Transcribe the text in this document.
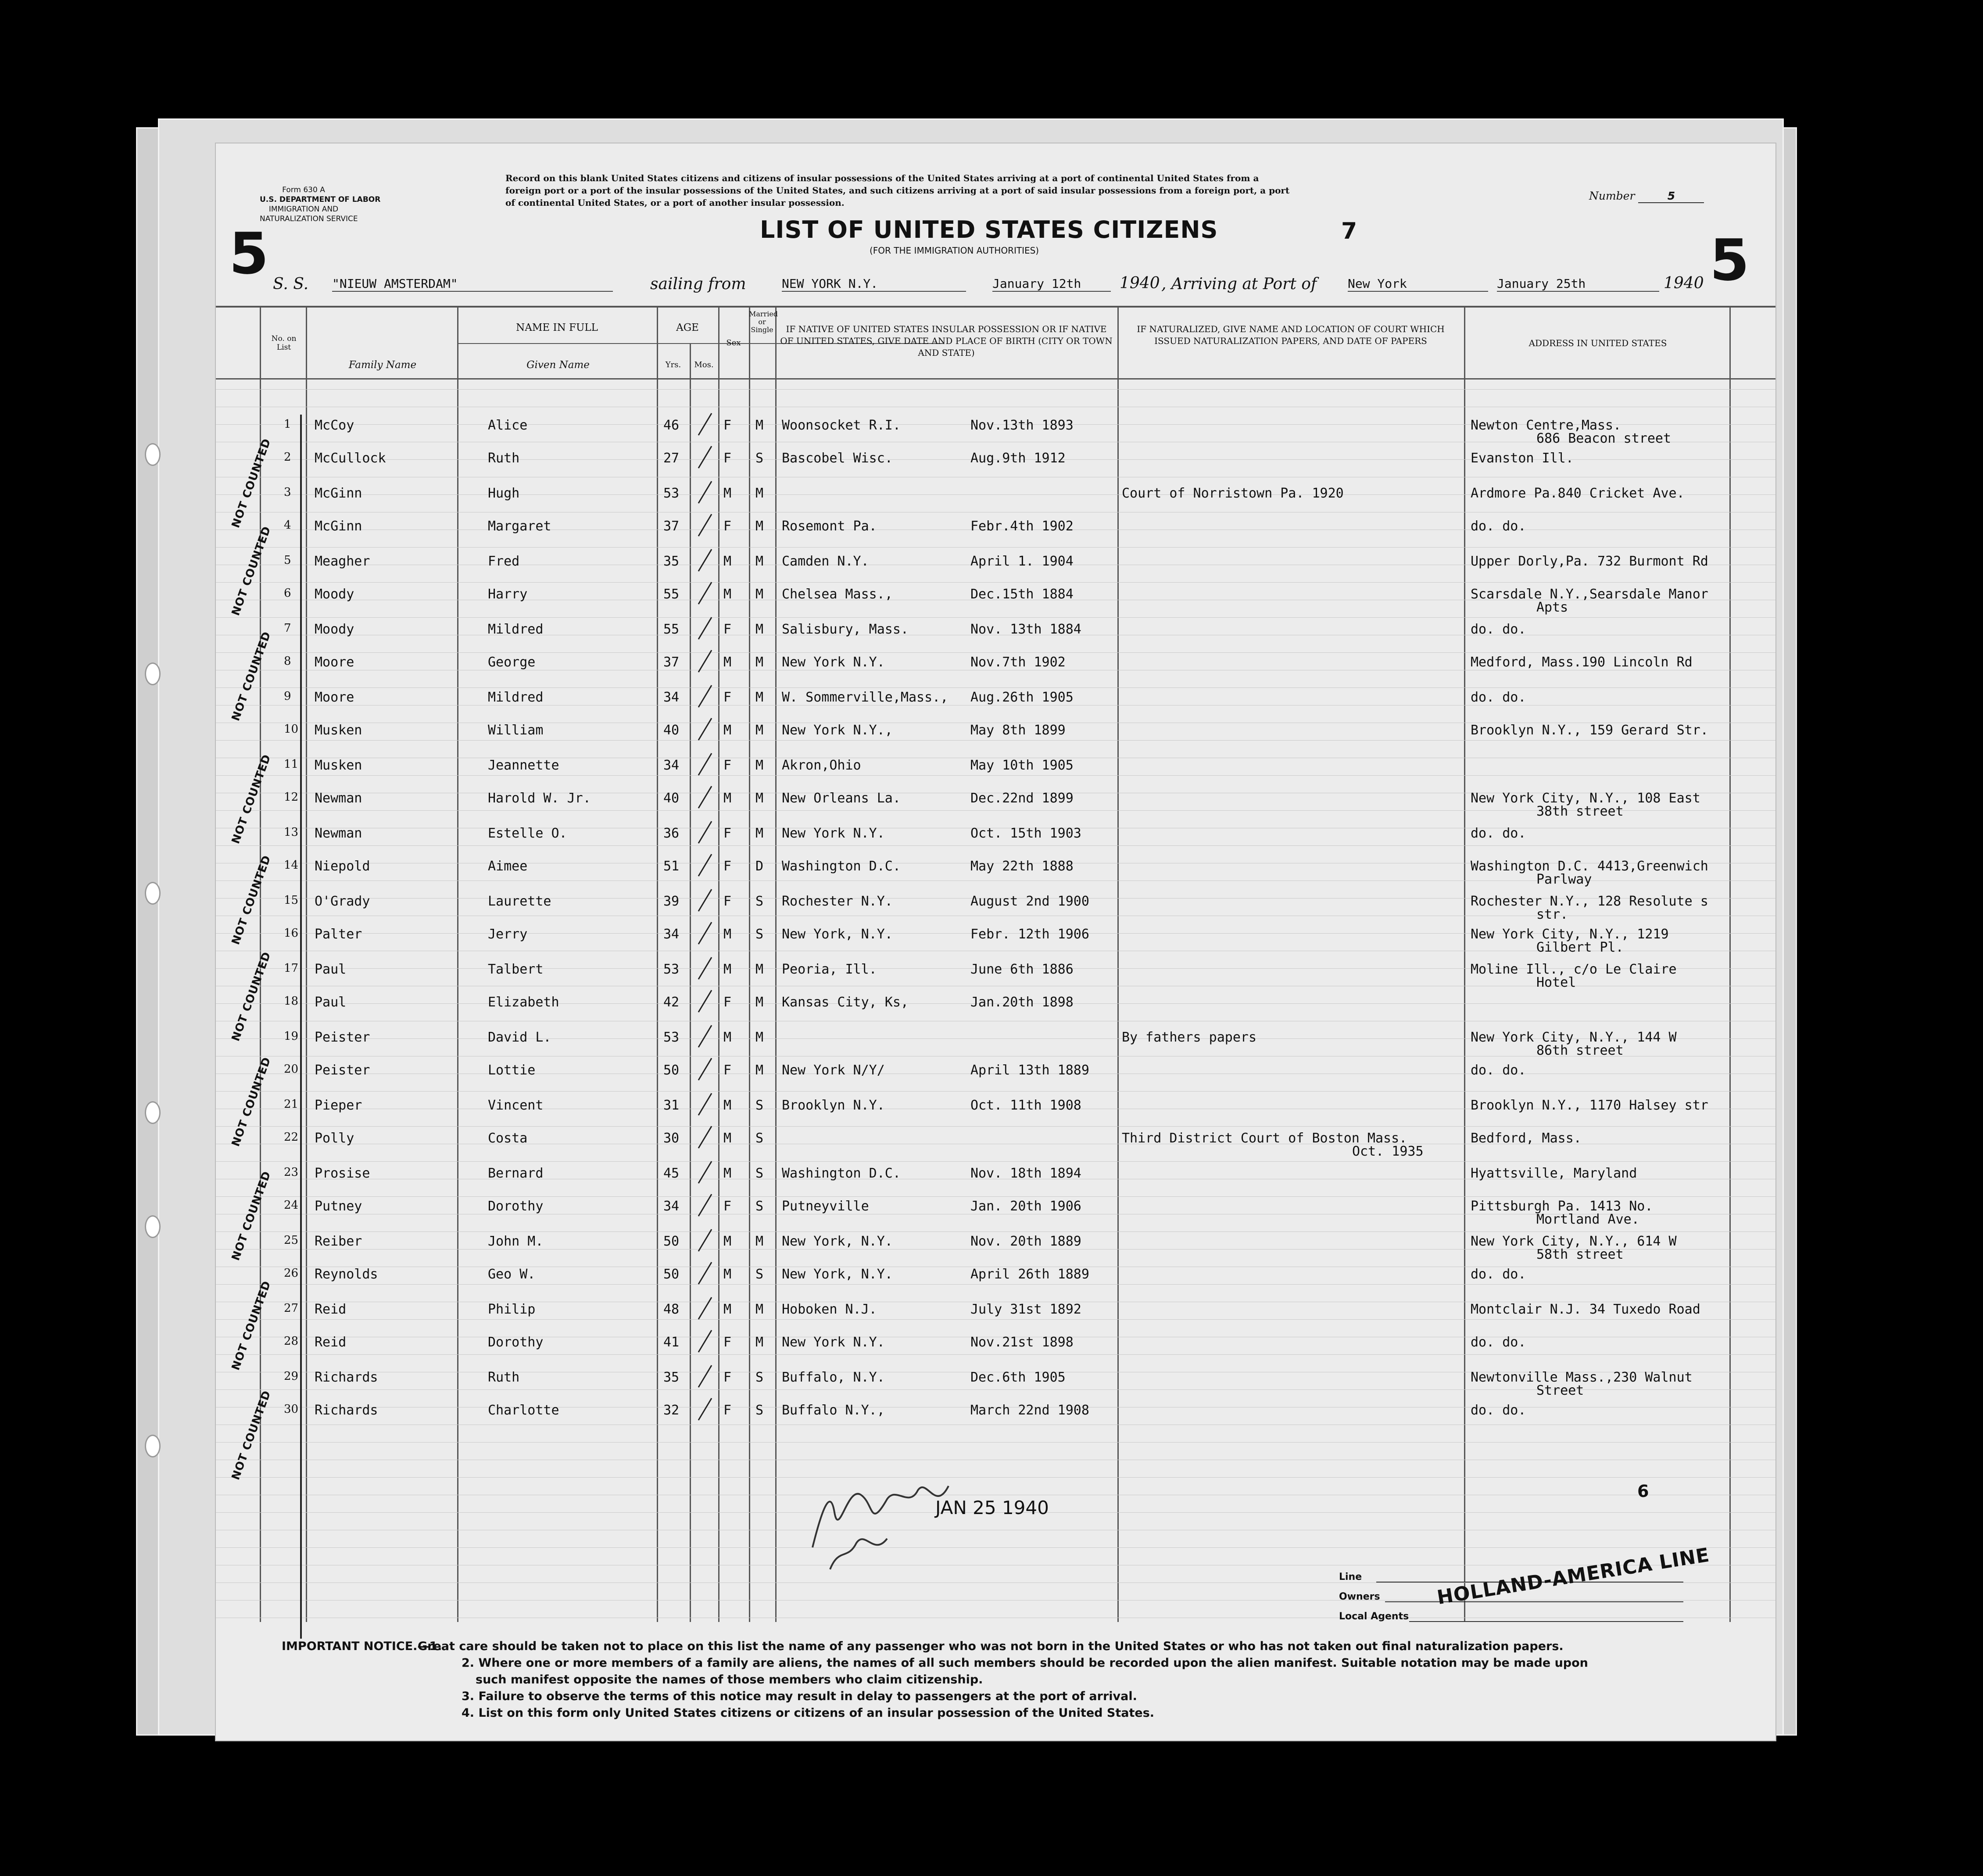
Form 630 A
U.S. DEPARTMENT OF LABOR
IMMIGRATION AND
NATURALIZATION SERVICE
5	5
Record on this blank United States citizens and citizens of insular possessions of the United States arriving at a port of continental United States from a
foreign port or a port of the insular possessions of the United States, and such citizens arriving at a port of said insular possessions from a foreign port, a port
of continental United States, or a port of another insular possession.
Number	5
LIST OF UNITED STATES CITIZENS
(FOR THE IMMIGRATION AUTHORITIES)
7
S. S. "NIEUW AMSTERDAM"	sailing from	NEW YORK N.Y.	January 12th	1940 , Arriving at Port of	New York	January 25th	1940
No. on List
NAME IN FULL
Family Name	Given Name
AGE
Yrs.	Mos.
Sex
Married or Single	IF NATIVE OF UNITED STATES INSULAR POSSESSION OR IF NATIVE OF UNITED STATES, GIVE DATE AND PLACE OF BIRTH (CITY OR TOWN AND STATE)
IF NATURALIZED, GIVE NAME AND LOCATION OF COURT WHICH ISSUED NATURALIZATION PAPERS, AND DATE OF PAPERS	ADDRESS IN UNITED STATES
1 McCoy	Alice	46	F M Woonsocket R.I.	Nov.13th 1893	Newton Centre,Mass.
686 Beacon street
2 McCullock	Ruth	27	F S Bascobel Wisc.	Aug.9th 1912	Evanston Ill.
3 McGinn	Hugh	53	M M	Court of Norristown Pa. 1920	Ardmore Pa.840 Cricket Ave.
4 McGinn	Margaret	37	F M Rosemont Pa.	Febr.4th 1902	do. do.
5 Meagher	Fred	35	M M Camden N.Y.	April 1. 1904	Upper Dorly,Pa. 732 Burmont Rd
6 Moody	Harry	55	M M Chelsea Mass.,	Dec.15th 1884	Scarsdale N.Y.,Searsdale Manor
Apts
7 Moody	Mildred	55	F M Salisbury, Mass.	Nov. 13th 1884	do. do.
8 Moore	George	37	M M New York N.Y.	Nov.7th 1902	Medford, Mass.190 Lincoln Rd
9 Moore	Mildred	34	F M W. Sommerville,Mass., Aug.26th 1905	do. do.
10 Musken	William	40	M M New York N.Y.,	May 8th 1899	Brooklyn N.Y., 159 Gerard Str.
11 Musken	Jeannette	34	F M Akron,Ohio	May 10th 1905
12 Newman	Harold W. Jr.	40	M M New Orleans La.	Dec.22nd 1899	New York City, N.Y., 108 East
38th street
13 Newman	Estelle O.	36	F M New York N.Y.	Oct. 15th 1903	do. do.
14 Niepold	Aimee	51	F D Washington D.C.	May 22th 1888	Washington D.C. 4413,Greenwich
Parlway
15 O'Grady	Laurette	39	F S Rochester N.Y.	August 2nd 1900	Rochester N.Y., 128 Resolute s
str.
16 Palter	Jerry	34	M S New York, N.Y.	Febr. 12th 1906	New York City, N.Y., 1219
Gilbert Pl.
17 Paul	Talbert	53	M M Peoria, Ill.	June 6th 1886	Moline Ill., c/o Le Claire
Hotel
18 Paul	Elizabeth	42	F M Kansas City, Ks,	Jan.20th 1898
19 Peister	David L.	53	M M	By fathers papers	New York City, N.Y., 144 W
86th street
20 Peister	Lottie	50	F M New York N/Y/	April 13th 1889	do. do.
21 Pieper	Vincent	31	M S Brooklyn N.Y.	Oct. 11th 1908	Brooklyn N.Y., 1170 Halsey str
22 Polly	Costa	30	M S	Third District Court of Boston Mass.	Bedford, Mass.
Oct. 1935
23 Prosise	Bernard	45	M S Washington D.C.	Nov. 18th 1894	Hyattsville, Maryland
24 Putney	Dorothy	34	F S Putneyville	Jan. 20th 1906	Pittsburgh Pa. 1413 No.
Mortland Ave.
25 Reiber	John M.	50	M M New York, N.Y.	Nov. 20th 1889	New York City, N.Y., 614 W
58th street
26 Reynolds	Geo W.	50	M S New York, N.Y.	April 26th 1889	do. do.
27 Reid	Philip	48	M M Hoboken N.J.	July 31st 1892	Montclair N.J. 34 Tuxedo Road
28 Reid	Dorothy	41	F M New York N.Y.	Nov.21st 1898	do. do.
29 Richards	Ruth	35	F S Buffalo, N.Y.	Dec.6th 1905	Newtonville Mass.,230 Walnut
Street
30 Richards	Charlotte	32	F S Buffalo N.Y.,	March 22nd 1908	do. do.
NOT COUNTED
NOT COUNTED
NOT COUNTED
NOT COUNTED
NOT COUNTED
NOT COUNTED
NOT COUNTED
NOT COUNTED
NOT COUNTED
NOT COUNTED
JAN 25 1940
6
Line
Owners
Local Agents
HOLLAND-AMERICA LINE
IMPORTANT NOTICE.—1.
Great care should be taken not to place on this list the name of any passenger who was not born in the United States or who has not taken out final naturalization papers.
2. Where one or more members of a family are aliens, the names of all such members should be recorded upon the alien manifest. Suitable notation may be made upon
such manifest opposite the names of those members who claim citizenship.
3. Failure to observe the terms of this notice may result in delay to passengers at the port of arrival.
4. List on this form only United States citizens or citizens of an insular possession of the United States.
